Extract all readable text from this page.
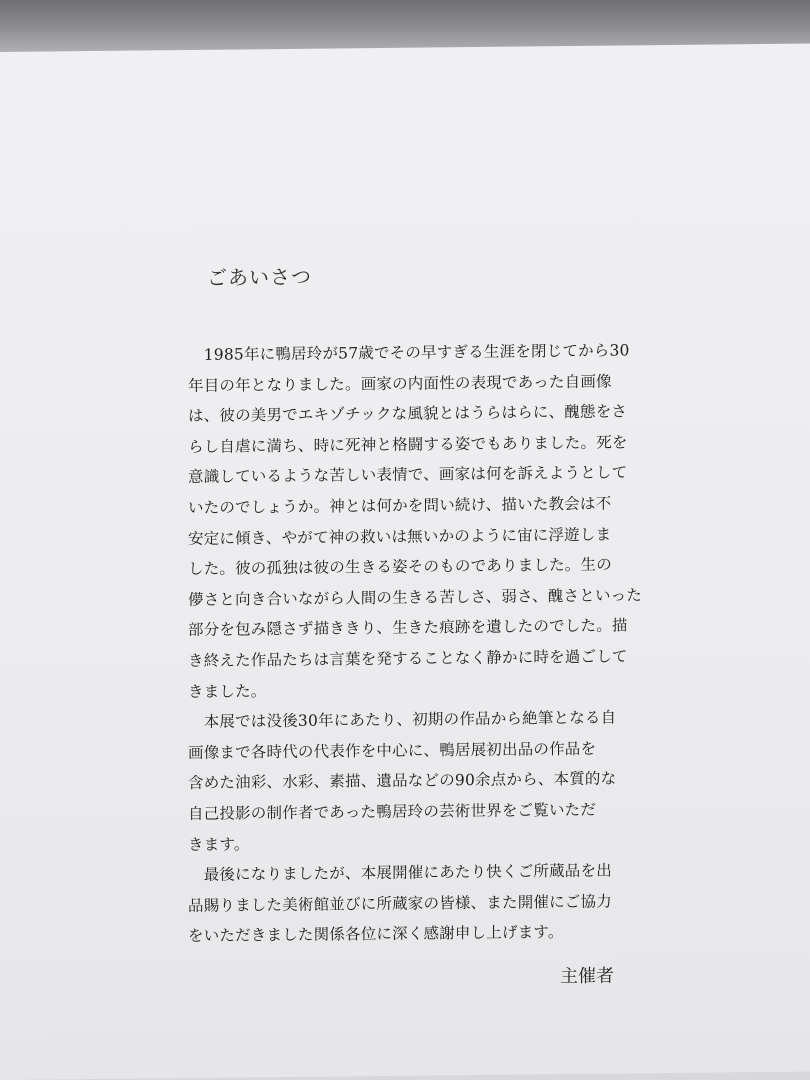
ごあいさつ
　1985年に鴨居玲が57歳でその早すぎる生涯を閉じてから30
年目の年となりました。画家の内面性の表現であった自画像
は、彼の美男でエキゾチックな風貌とはうらはらに、醜態をさ
らし自虐に満ち、時に死神と格闘する姿でもありました。死を
意識しているような苦しい表情で、画家は何を訴えようとして
いたのでしょうか。神とは何かを問い続け、描いた教会は不
安定に傾き、やがて神の救いは無いかのように宙に浮遊しま
した。彼の孤独は彼の生きる姿そのものでありました。生の
儚さと向き合いながら人間の生きる苦しさ、弱さ、醜さといった
部分を包み隠さず描ききり、生きた痕跡を遺したのでした。描
き終えた作品たちは言葉を発することなく静かに時を過ごして
きました。
　本展では没後30年にあたり、初期の作品から絶筆となる自
画像まで各時代の代表作を中心に、鴨居展初出品の作品を
含めた油彩、水彩、素描、遺品などの90余点から、本質的な
自己投影の制作者であった鴨居玲の芸術世界をご覧いただ
きます。
　最後になりましたが、本展開催にあたり快くご所蔵品を出
品賜りました美術館並びに所蔵家の皆様、また開催にご協力
をいただきました関係各位に深く感謝申し上げます。
主催者
